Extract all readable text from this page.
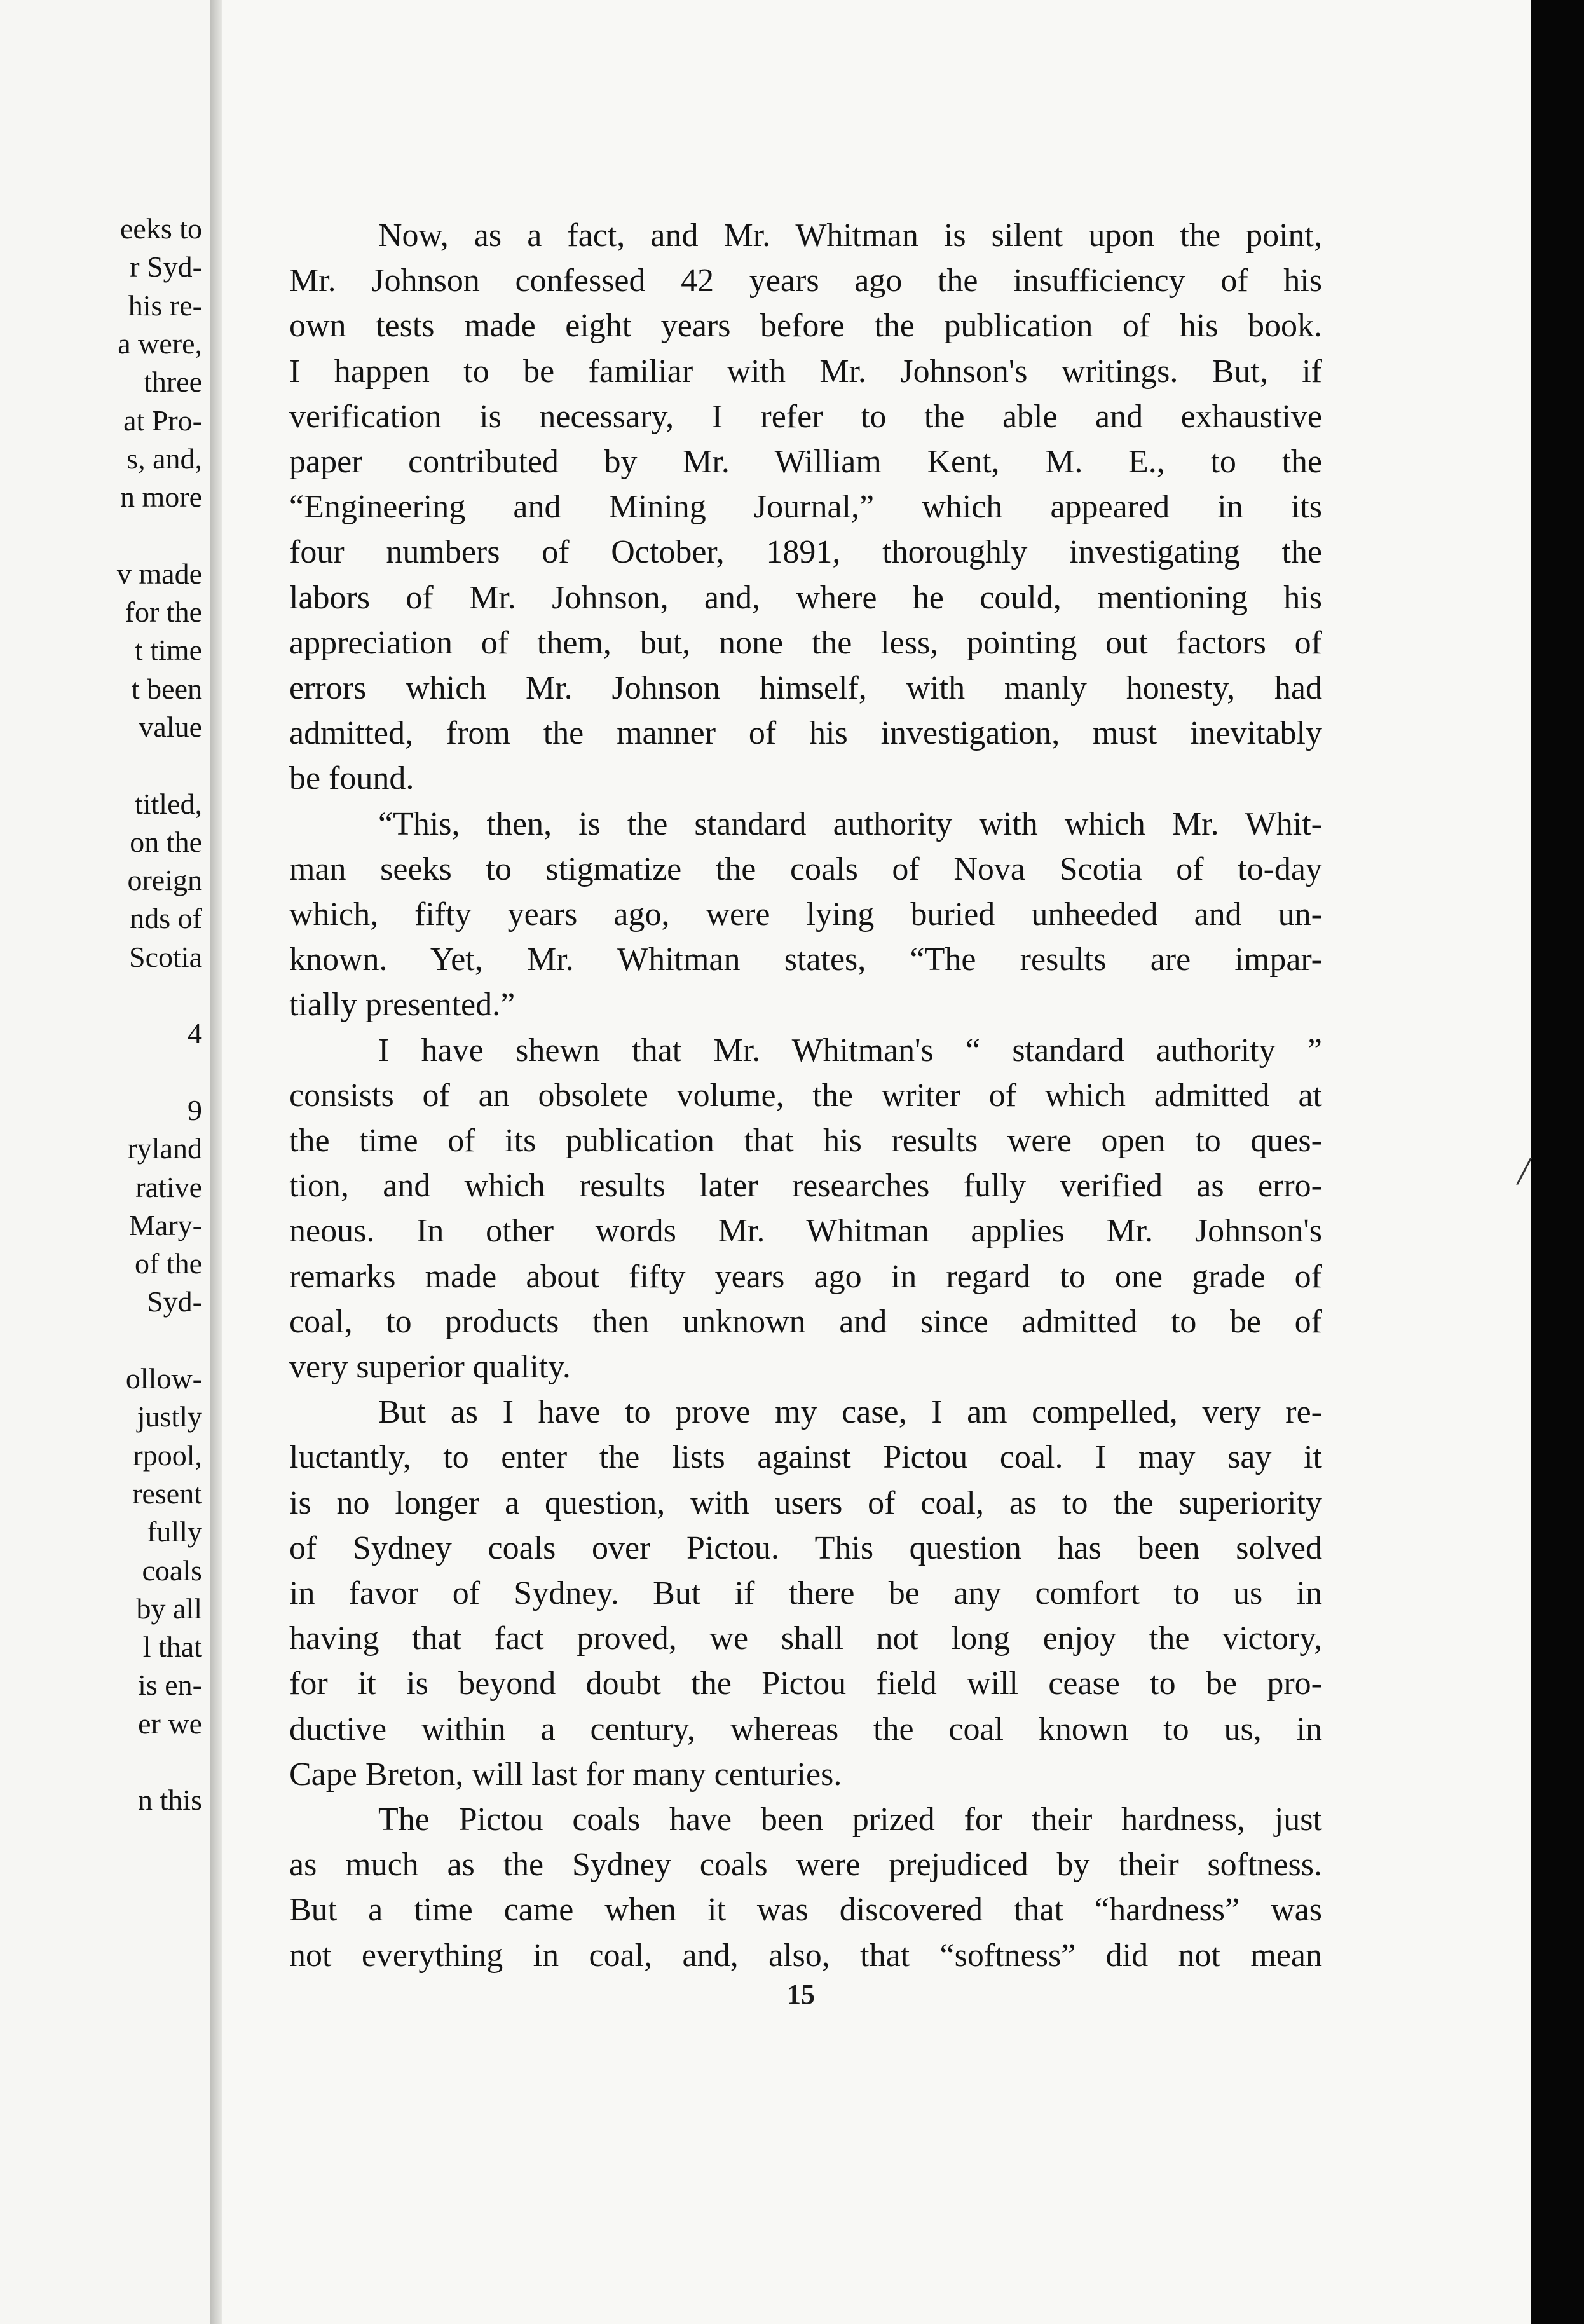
eeks to
r Syd-
his re-
a were,
three
at Pro-
s, and,
n more
v made
for the
t time
t been
value
titled,
on the
oreign
nds of
Scotia
4
9
ryland
rative
Mary-
of the
Syd-
ollow-
justly
rpool,
resent
fully
coals
by all
l that
is en-
er we
n this
Now, as a fact, and Mr. Whitman is silent upon the point,
Mr. Johnson confessed 42 years ago the insufficiency of his
own tests made eight years before the publication of his book.
I happen to be familiar with Mr. Johnson's writings. But, if
verification is necessary, I refer to the able and exhaustive
paper contributed by Mr. William Kent, M. E., to the
“Engineering and Mining Journal,” which appeared in its
four numbers of October, 1891, thoroughly investigating the
labors of Mr. Johnson, and, where he could, mentioning his
appreciation of them, but, none the less, pointing out factors of
errors which Mr. Johnson himself, with manly honesty, had
admitted, from the manner of his investigation, must inevitably
be found.
“This, then, is the standard authority with which Mr. Whit-
man seeks to stigmatize the coals of Nova Scotia of to-day
which, fifty years ago, were lying buried unheeded and un-
known. Yet, Mr. Whitman states, “The results are impar-
tially presented.”
I have shewn that Mr. Whitman's “ standard authority ”
consists of an obsolete volume, the writer of which admitted at
the time of its publication that his results were open to ques-
tion, and which results later researches fully verified as erro-
neous. In other words Mr. Whitman applies Mr. Johnson's
remarks made about fifty years ago in regard to one grade of
coal, to products then unknown and since admitted to be of
very superior quality.
But as I have to prove my case, I am compelled, very re-
luctantly, to enter the lists against Pictou coal. I may say it
is no longer a question, with users of coal, as to the superiority
of Sydney coals over Pictou. This question has been solved
in favor of Sydney. But if there be any comfort to us in
having that fact proved, we shall not long enjoy the victory,
for it is beyond doubt the Pictou field will cease to be pro-
ductive within a century, whereas the coal known to us, in
Cape Breton, will last for many centuries.
The Pictou coals have been prized for their hardness, just
as much as the Sydney coals were prejudiced by their softness.
But a time came when it was discovered that “hardness” was
not everything in coal, and, also, that “softness” did not mean
15
/
